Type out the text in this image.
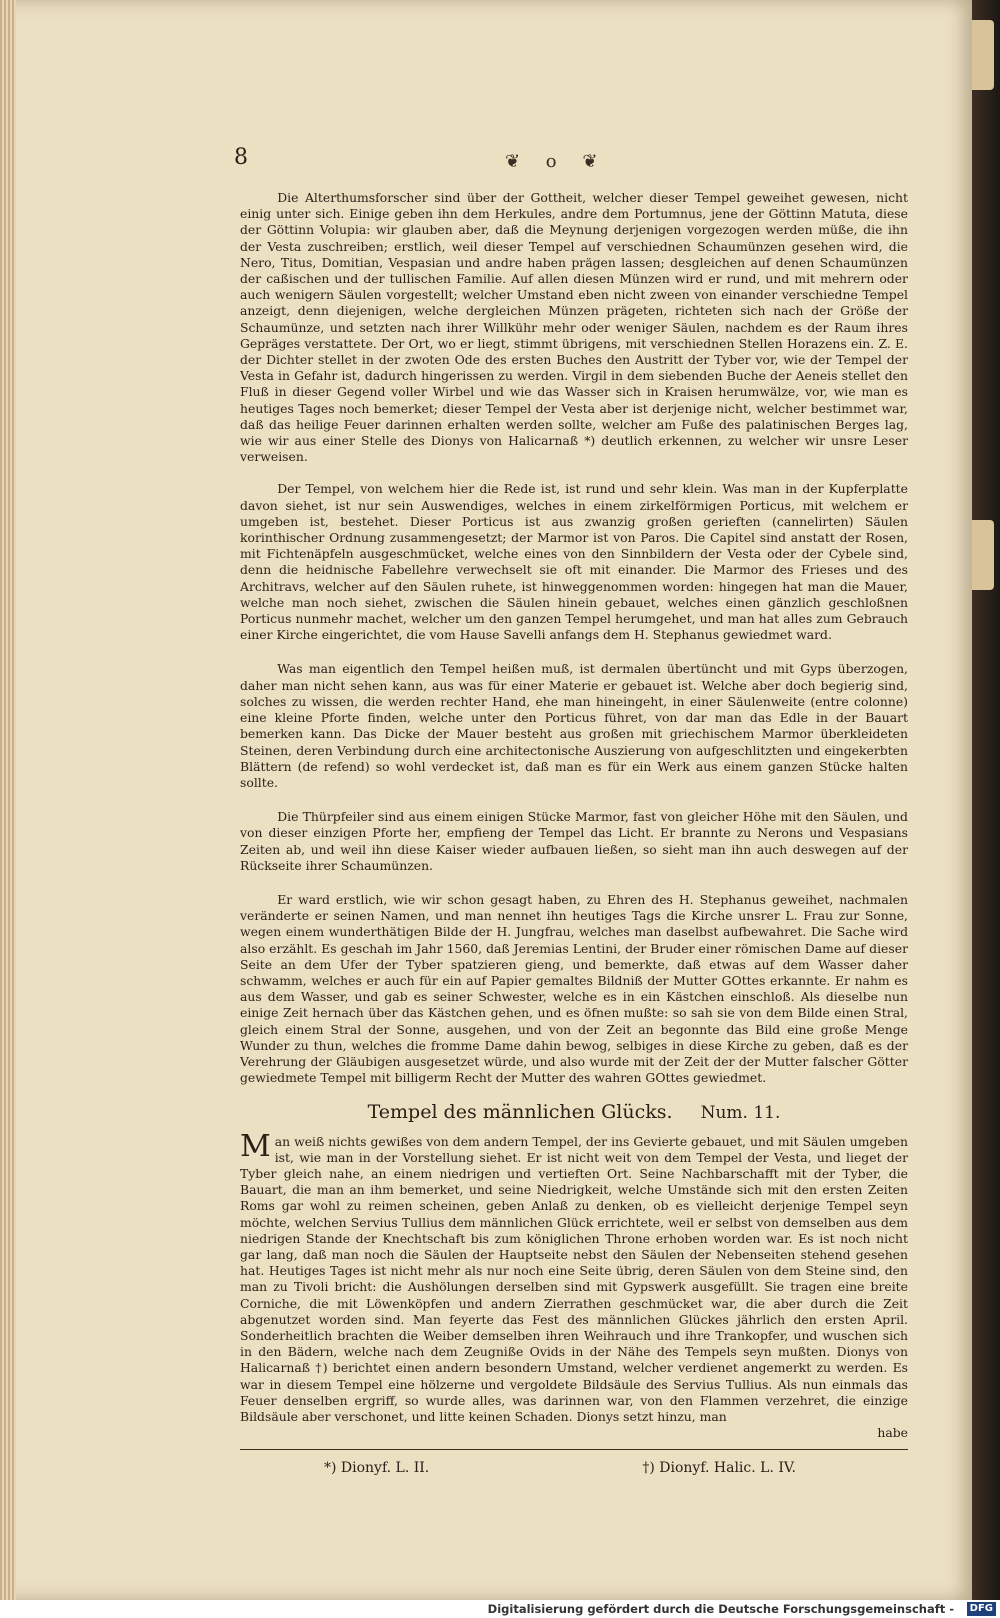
8	❦ o ❦

Die Alterthumsforscher sind über der Gottheit, welcher dieser Tempel geweihet gewesen, nicht einig unter sich. Einige geben ihn dem Herkules, andre dem Portumnus, jene der Göttinn Matuta, diese der Göttinn Volupia: wir glauben aber, daß die Meynung derjenigen vorgezogen werden müße, die ihn der Vesta zuschreiben; erstlich, weil dieser Tempel auf verschiednen Schaumünzen gesehen wird, die Nero, Titus, Domitian, Vespasian und andre haben prägen lassen; desgleichen auf denen Schaumünzen der caßischen und der tullischen Familie. Auf allen diesen Münzen wird er rund, und mit mehrern oder auch wenigern Säulen vorgestellt; welcher Umstand eben nicht zween von einander verschiedne Tempel anzeigt, denn diejenigen, welche dergleichen Münzen prägeten, richteten sich nach der Größe der Schaumünze, und setzten nach ihrer Willkühr mehr oder weniger Säulen, nachdem es der Raum ihres Gepräges verstattete. Der Ort, wo er liegt, stimmt übrigens, mit verschiednen Stellen Horazens ein. Z. E. der Dichter stellet in der zwoten Ode des ersten Buches den Austritt der Tyber vor, wie der Tempel der Vesta in Gefahr ist, dadurch hingerissen zu werden. Virgil in dem siebenden Buche der Aeneis stellet den Fluß in dieser Gegend voller Wirbel und wie das Wasser sich in Kraisen herumwälze, vor, wie man es heutiges Tages noch bemerket; dieser Tempel der Vesta aber ist derjenige nicht, welcher bestimmet war, daß das heilige Feuer darinnen erhalten werden sollte, welcher am Fuße des palatinischen Berges lag, wie wir aus einer Stelle des Dionys von Halicarnaß *) deutlich erkennen, zu welcher wir unsre Leser verweisen.

Der Tempel, von welchem hier die Rede ist, ist rund und sehr klein. Was man in der Kupferplatte davon siehet, ist nur sein Auswendiges, welches in einem zirkelförmigen Porticus, mit welchem er umgeben ist, bestehet. Dieser Porticus ist aus zwanzig großen gerieften (cannelirten) Säulen korinthischer Ordnung zusammengesetzt; der Marmor ist von Paros. Die Capitel sind anstatt der Rosen, mit Fichtenäpfeln ausgeschmücket, welche eines von den Sinnbildern der Vesta oder der Cybele sind, denn die heidnische Fabellehre verwechselt sie oft mit einander. Die Marmor des Frieses und des Architravs, welcher auf den Säulen ruhete, ist hinweggenommen worden: hingegen hat man die Mauer, welche man noch siehet, zwischen die Säulen hinein gebauet, welches einen gänzlich geschloßnen Porticus nunmehr machet, welcher um den ganzen Tempel herumgehet, und man hat alles zum Gebrauch einer Kirche eingerichtet, die vom Hause Savelli anfangs dem H. Stephanus gewiedmet ward.

Was man eigentlich den Tempel heißen muß, ist dermalen übertüncht und mit Gyps überzogen, daher man nicht sehen kann, aus was für einer Materie er gebauet ist. Welche aber doch begierig sind, solches zu wissen, die werden rechter Hand, ehe man hineingeht, in einer Säulenweite (entre colonne) eine kleine Pforte finden, welche unter den Porticus führet, von dar man das Edle in der Bauart bemerken kann. Das Dicke der Mauer besteht aus großen mit griechischem Marmor überkleideten Steinen, deren Verbindung durch eine architectonische Auszierung von aufgeschlitzten und eingekerbten Blättern (de refend) so wohl verdecket ist, daß man es für ein Werk aus einem ganzen Stücke halten sollte.

Die Thürpfeiler sind aus einem einigen Stücke Marmor, fast von gleicher Höhe mit den Säulen, und von dieser einzigen Pforte her, empfieng der Tempel das Licht. Er brannte zu Nerons und Vespasians Zeiten ab, und weil ihn diese Kaiser wieder aufbauen ließen, so sieht man ihn auch deswegen auf der Rückseite ihrer Schaumünzen.

Er ward erstlich, wie wir schon gesagt haben, zu Ehren des H. Stephanus geweihet, nachmalen veränderte er seinen Namen, und man nennet ihn heutiges Tags die Kirche unsrer L. Frau zur Sonne, wegen einem wunderthätigen Bilde der H. Jungfrau, welches man daselbst aufbewahret. Die Sache wird also erzählt. Es geschah im Jahr 1560, daß Jeremias Lentini, der Bruder einer römischen Dame auf dieser Seite an dem Ufer der Tyber spatzieren gieng, und bemerkte, daß etwas auf dem Wasser daher schwamm, welches er auch für ein auf Papier gemaltes Bildniß der Mutter GOttes erkannte. Er nahm es aus dem Wasser, und gab es seiner Schwester, welche es in ein Kästchen einschloß. Als dieselbe nun einige Zeit hernach über das Kästchen gehen, und es öfnen mußte: so sah sie von dem Bilde einen Stral, gleich einem Stral der Sonne, ausgehen, und von der Zeit an begonnte das Bild eine große Menge Wunder zu thun, welches die fromme Dame dahin bewog, selbiges in diese Kirche zu geben, daß es der Verehrung der Gläubigen ausgesetzet würde, und also wurde mit der Zeit der der Mutter falscher Götter gewiedmete Tempel mit billigerm Recht der Mutter des wahren GOttes gewiedmet.

Tempel des männlichen Glücks. Num. 11.

Man weiß nichts gewißes von dem andern Tempel, der ins Gevierte gebauet, und mit Säulen umgeben ist, wie man in der Vorstellung siehet. Er ist nicht weit von dem Tempel der Vesta, und lieget der Tyber gleich nahe, an einem niedrigen und vertieften Ort. Seine Nachbarschafft mit der Tyber, die Bauart, die man an ihm bemerket, und seine Niedrigkeit, welche Umstände sich mit den ersten Zeiten Roms gar wohl zu reimen scheinen, geben Anlaß zu denken, ob es vielleicht derjenige Tempel seyn möchte, welchen Servius Tullius dem männlichen Glück errichtete, weil er selbst von demselben aus dem niedrigen Stande der Knechtschaft bis zum königlichen Throne erhoben worden war. Es ist noch nicht gar lang, daß man noch die Säulen der Hauptseite nebst den Säulen der Nebenseiten stehend gesehen hat. Heutiges Tages ist nicht mehr als nur noch eine Seite übrig, deren Säulen von dem Steine sind, den man zu Tivoli bricht: die Aushölungen derselben sind mit Gypswerk ausgefüllt. Sie tragen eine breite Corniche, die mit Löwenköpfen und andern Zierrathen geschmücket war, die aber durch die Zeit abgenutzet worden sind. Man feyerte das Fest des männlichen Glückes jährlich den ersten April. Sonderheitlich brachten die Weiber demselben ihren Weihrauch und ihre Trankopfer, und wuschen sich in den Bädern, welche nach dem Zeugniße Ovids in der Nähe des Tempels seyn mußten. Dionys von Halicarnaß †) berichtet einen andern besondern Umstand, welcher verdienet angemerkt zu werden. Es war in diesem Tempel eine hölzerne und vergoldete Bildsäule des Servius Tullius. Als nun einmals das Feuer denselben ergriff, so wurde alles, was darinnen war, von den Flammen verzehret, die einzige Bildsäule aber verschonet, und litte keinen Schaden. Dionys setzt hinzu, man

habe
*) Dionyf. L. II.	†) Dionyf. Halic. L. IV.
Digitalisierung gefördert durch die Deutsche Forschungsgemeinschaft -	DFG
